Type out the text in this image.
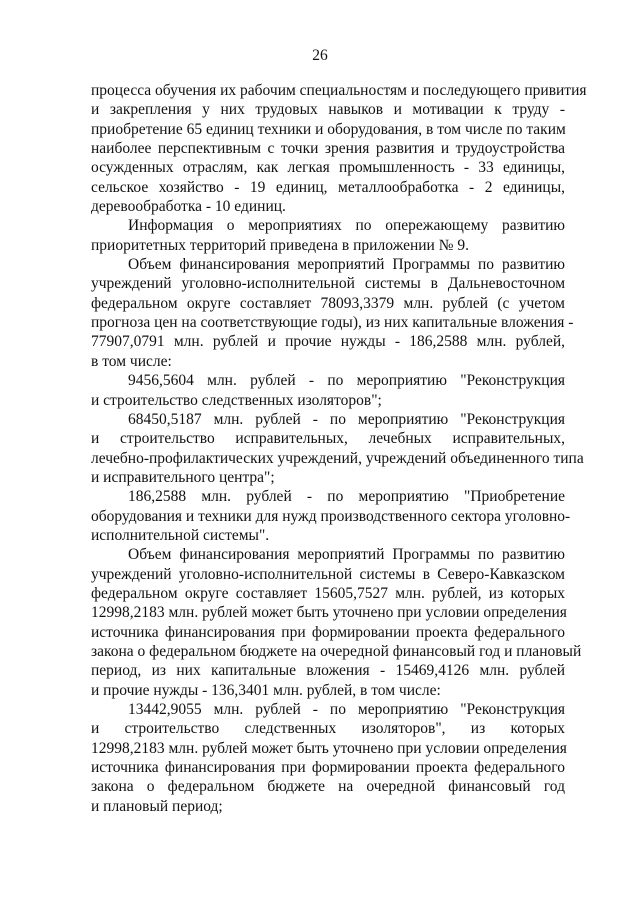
26
процесса обучения их рабочим специальностям и последующего привития
и закрепления у них трудовых навыков и мотивации к труду -
приобретение 65 единиц техники и оборудования, в том числе по таким
наиболее перспективным с точки зрения развития и трудоустройства
осужденных отраслям, как легкая промышленность - 33 единицы,
сельское хозяйство - 19 единиц, металлообработка - 2 единицы,
деревообработка - 10 единиц.
Информация о мероприятиях по опережающему развитию
приоритетных территорий приведена в приложении № 9.
Объем финансирования мероприятий Программы по развитию
учреждений уголовно-исполнительной системы в Дальневосточном
федеральном округе составляет 78093,3379 млн. рублей (с учетом
прогноза цен на соответствующие годы), из них капитальные вложения -
77907,0791 млн. рублей и прочие нужды - 186,2588 млн. рублей,
в том числе:
9456,5604 млн. рублей - по мероприятию "Реконструкция
и строительство следственных изоляторов";
68450,5187 млн. рублей - по мероприятию "Реконструкция
и строительство исправительных, лечебных исправительных,
лечебно-профилактических учреждений, учреждений объединенного типа
и исправительного центра";
186,2588 млн. рублей - по мероприятию "Приобретение
оборудования и техники для нужд производственного сектора уголовно-
исполнительной системы".
Объем финансирования мероприятий Программы по развитию
учреждений уголовно-исполнительной системы в Северо-Кавказском
федеральном округе составляет 15605,7527 млн. рублей, из которых
12998,2183 млн. рублей может быть уточнено при условии определения
источника финансирования при формировании проекта федерального
закона о федеральном бюджете на очередной финансовый год и плановый
период, из них капитальные вложения - 15469,4126 млн. рублей
и прочие нужды - 136,3401 млн. рублей, в том числе:
13442,9055 млн. рублей - по мероприятию "Реконструкция
и строительство следственных изоляторов", из которых
12998,2183 млн. рублей может быть уточнено при условии определения
источника финансирования при формировании проекта федерального
закона о федеральном бюджете на очередной финансовый год
и плановый период;
